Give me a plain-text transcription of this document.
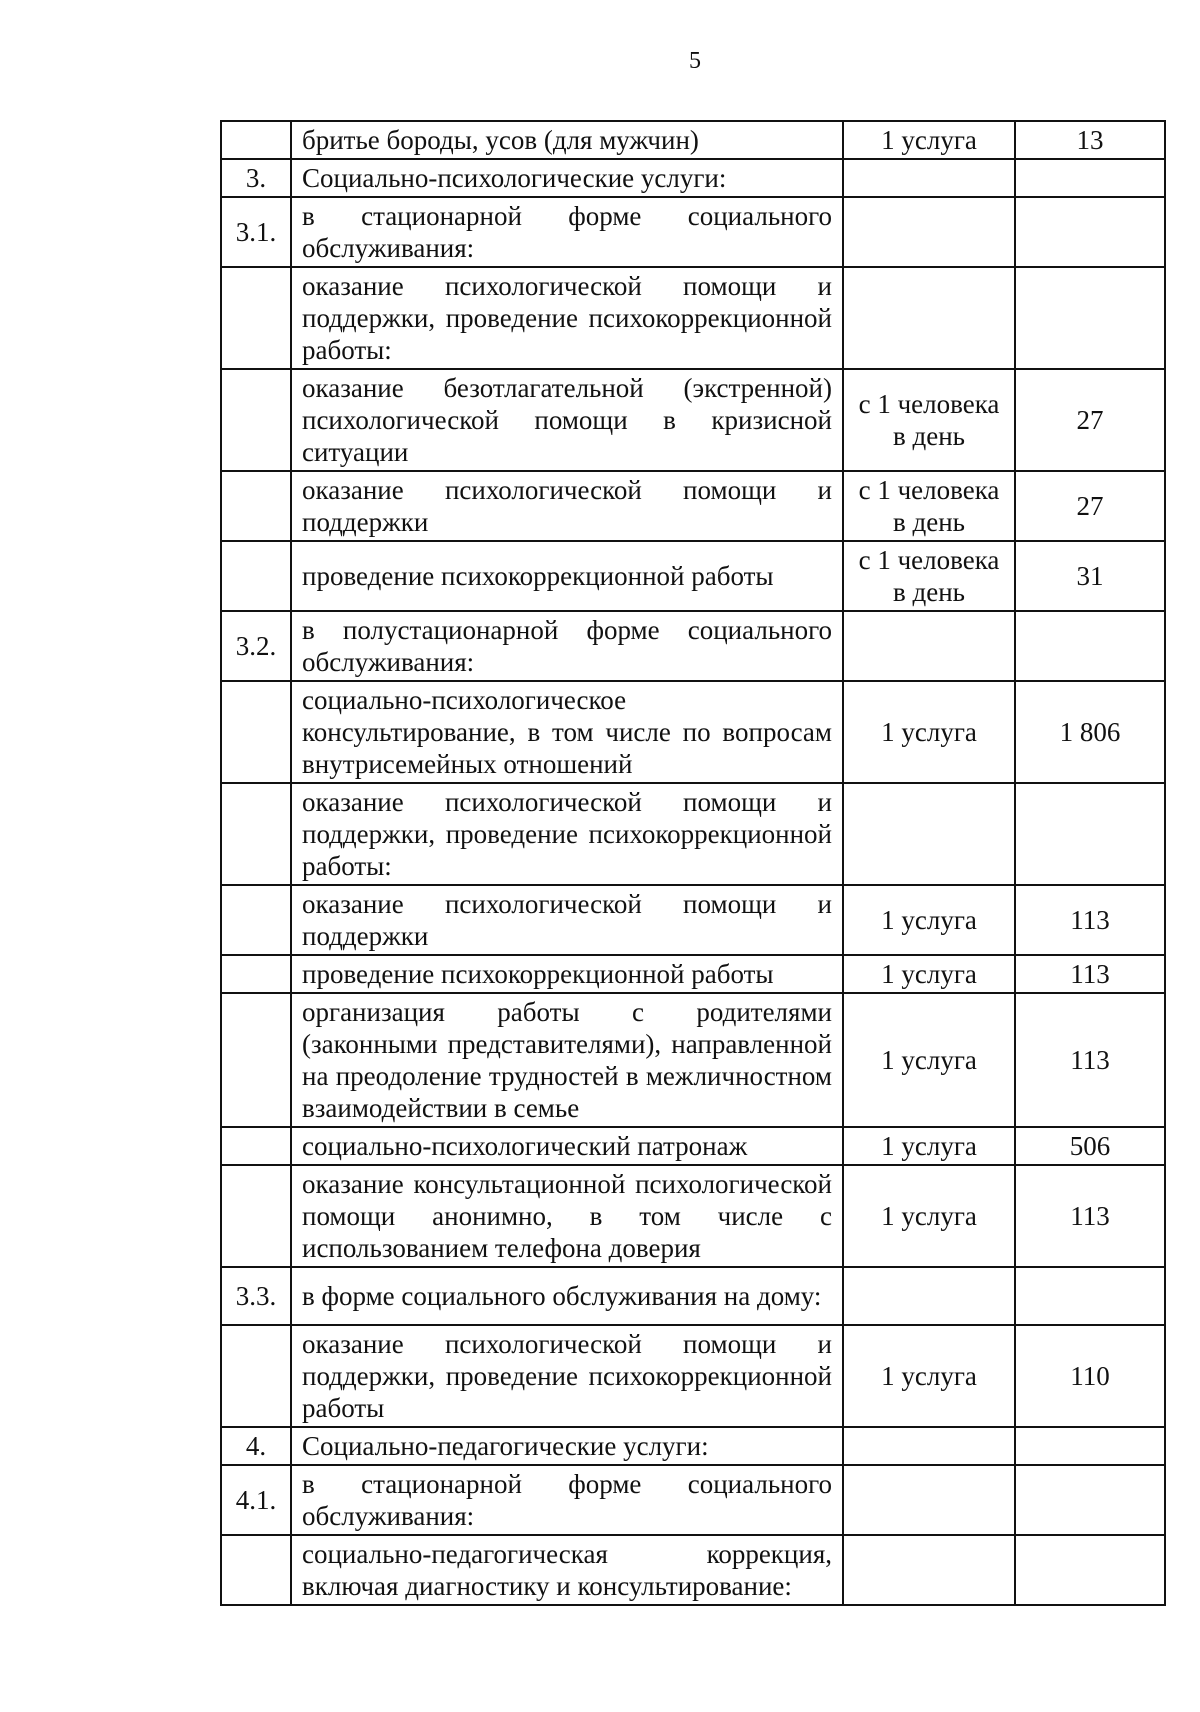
5
	бритье бороды, усов (для мужчин)	1 услуга	13
3.	Социально-психологические услуги:		
3.1.	в стационарной форме социального обслуживания:		
	оказание психологической помощи и поддержки, проведение психокоррекционной работы:		
	оказание безотлагательной (экстренной) психологической помощи в кризисной ситуации	с 1 человека в день	27
	оказание психологической помощи и поддержки	с 1 человека в день	27
	проведение психокоррекционной работы	с 1 человека в день	31
3.2.	в полустационарной форме социального обслуживания:		
	социально-психологическое консультирование, в том числе по вопросам внутрисемейных отношений	1 услуга	1 806
	оказание психологической помощи и поддержки, проведение психокоррекционной работы:		
	оказание психологической помощи и поддержки	1 услуга	113
	проведение психокоррекционной работы	1 услуга	113
	организация работы с родителями (законными представителями), направленной на преодоление трудностей в межличностном взаимодействии в семье	1 услуга	113
	социально-психологический патронаж	1 услуга	506
	оказание консультационной психологической помощи анонимно, в том числе с использованием телефона доверия	1 услуга	113
3.3.	в форме социального обслуживания на дому:		
	оказание психологической помощи и поддержки, проведение психокоррекционной работы	1 услуга	110
4.	Социально-педагогические услуги:		
4.1.	в стационарной форме социального обслуживания:		
	социально-педагогическая коррекция, включая диагностику и консультирование:		
